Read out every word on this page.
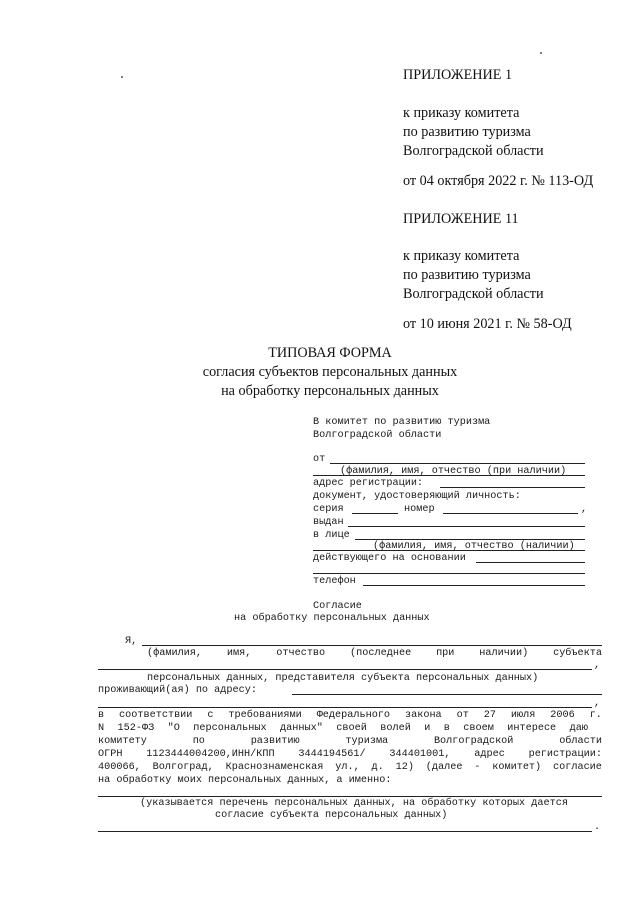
ПРИЛОЖЕНИЕ 1
к приказу комитета
по развитию туризма
Волгоградской области
от 04 октября 2022 г. № 113-ОД
ПРИЛОЖЕНИЕ 11
к приказу комитета
по развитию туризма
Волгоградской области
от 10 июня 2021 г. № 58-ОД
ТИПОВАЯ ФОРМА
согласия субъектов персональных данных
на обработку персональных данных
В комитет по развитию туризма
Волгоградской области
от
(фамилия, имя, отчество (при наличии)
адрес регистрации:
документ, удостоверяющий личность:
серия	номер	,
выдан
в лице
(фамилия, имя, отчество (наличии)
действующего на основании
телефон
Согласие
на обработку персональных данных
Я,
(фамилия, имя, отчество (последнее при наличии) субъекта
,
персональных данных, представителя субъекта персональных данных)
проживающий(ая) по адресу:
,
в соответствии с требованиями Федерального закона от 27 июля 2006 г.
N 152-ФЗ "О персональных данных" своей волей и в своем интересе даю
комитету	по	развитию	туризма	Волгоградской	области
ОГРН 1123444004200,ИНН/КПП 3444194561/ 344401001, адрес регистрации:
400066, Волгоград, Краснознаменская ул., д. 12) (далее - комитет) согласие
на обработку моих персональных данных, а именно:
(указывается перечень персональных данных, на обработку которых дается
согласие субъекта персональных данных)
.
